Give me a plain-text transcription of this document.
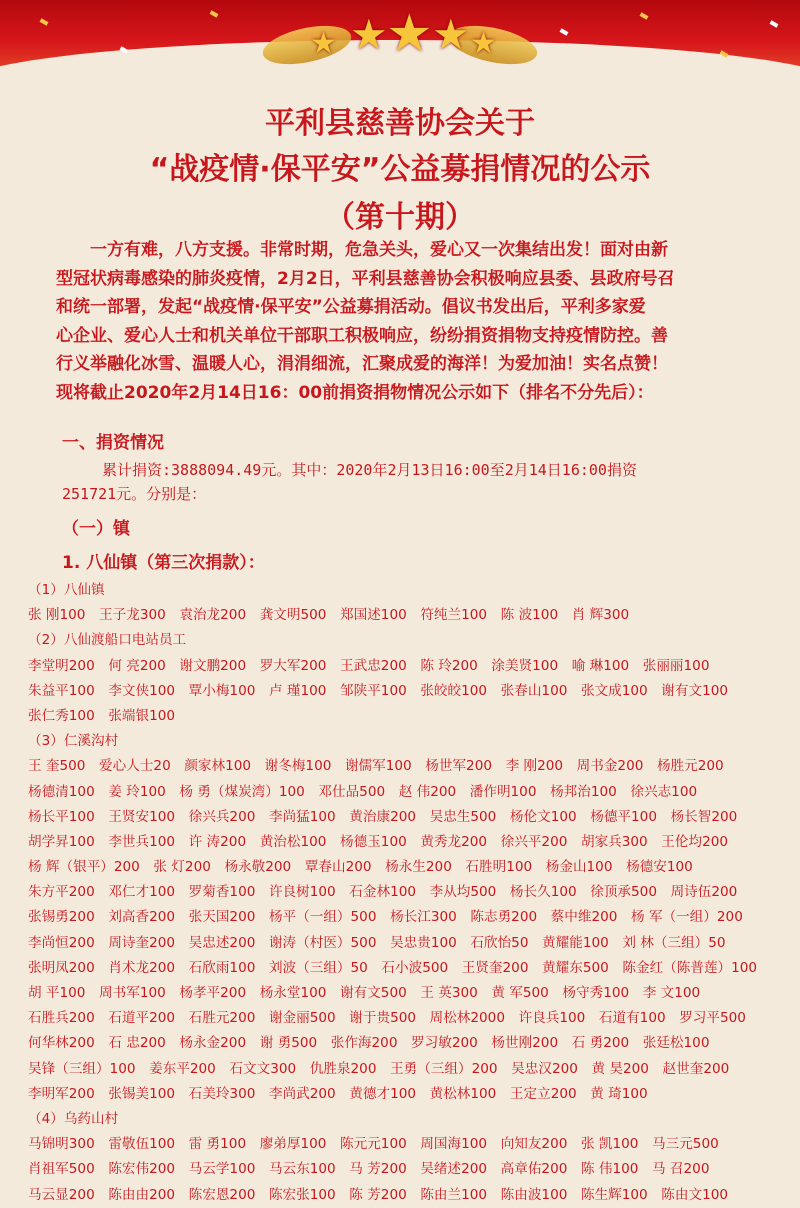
★ ★
★ ★ ★
平利县慈善协会关于
“战疫情·保平安”公益募捐情况的公示
（第十期）

　　一方有难，八方支援。非常时期，危急关头，爱心又一次集结出发！面对由新

型冠状病毒感染的肺炎疫情，2月2日，平利县慈善协会积极响应县委、县政府号召

和统一部署，发起“战疫情·保平安”公益募捐活动。倡议书发出后，平利多家爱

心企业、爱心人士和机关单位干部职工积极响应，纷纷捐资捐物支持疫情防控。善

行义举融化冰雪、温暖人心，涓涓细流，汇聚成爱的海洋！为爱加油！实名点赞！

现将截止2020年2月14日16：00前捐资捐物情况公示如下（排名不分先后）：

一、捐资情况
累计捐资:3888094.49元。其中：2020年2月13日16:00至2月14日16:00捐资
251721元。分别是：
（一）镇
1. 八仙镇（第三次捐款）：
（1）八仙镇
张 刚100　王子龙300　袁治龙200　龚文明500　郑国述100　符纯兰100　陈 波100　肖 辉300
（2）八仙渡船口电站员工
李堂明200　何 亮200　谢文鹏200　罗大军200　王武忠200　陈 玲200　涂美贤100　喻 琳100　张丽丽100
朱益平100　李文侠100　覃小梅100　卢 瑾100　邹陕平100　张皎皎100　张春山100　张文成100　谢有文100
张仁秀100　张端银100
（3）仁溪沟村
王 奎500　爱心人士20　颜家林100　谢冬梅100　谢儒军100　杨世军200　李 刚200　周书金200　杨胜元200
杨德清100　姜 玲100　杨 勇（煤炭湾）100　邓仕品500　赵 伟200　潘作明100　杨邦治100　徐兴志100
杨长平100　王贤安100　徐兴兵200　李尚猛100　黄治康200　吴忠生500　杨伦文100　杨德平100　杨长智200
胡学昇100　李世兵100　许 涛200　黄治松100　杨德玉100　黄秀龙200　徐兴平200　胡家兵300　王伦均200
杨 辉（银平）200　张 灯200　杨永敬200　覃春山200　杨永生200　石胜明100　杨金山100　杨德安100
朱方平200　邓仁才100　罗菊香100　许良树100　石金林100　李从均500　杨长久100　徐顶承500　周诗伍200
张锡勇200　刘高香200　张天国200　杨平（一组）500　杨长江300　陈志勇200　蔡中维200　杨 军（一组）200
李尚恒200　周诗奎200　吴忠述200　谢涛（村医）500　吴忠贵100　石欣怡50　黄耀能100　刘 林（三组）50
张明凤200　肖术龙200　石欣雨100　刘波（三组）50　石小波500　王贤奎200　黄耀东500　陈金红（陈普莲）100
胡 平100　周书军100　杨孝平200　杨永堂100　谢有文500　王 英300　黄 军500　杨守秀100　李 文100
石胜兵200　石道平200　石胜元200　谢金丽500　谢于贵500　周松林2000　许良兵100　石道有100　罗习平500
何华林200　石 忠200　杨永金200　谢 勇500　张作海200　罗习敏200　杨世刚200　石 勇200　张廷松100
吴锋（三组）100　姜东平200　石文文300　仇胜泉200　王勇（三组）200　吴忠汉200　黄 昊200　赵世奎200
李明军200　张锡美100　石美玲300　李尚武200　黄德才100　黄松林100　王定立200　黄 琦100
（4）乌药山村
马锦明300　雷敬伍100　雷 勇100　廖弟厚100　陈元元100　周国海100　向知友200　张 凯100　马三元500
肖祖军500　陈宏伟200　马云学100　马云东100　马 芳200　吴绪述200　高章佑200　陈 伟100　马 召200
马云显200　陈由由200　陈宏恩200　陈宏张100　陈 芳200　陈由兰100　陈由波100　陈生辉100　陈由文100
